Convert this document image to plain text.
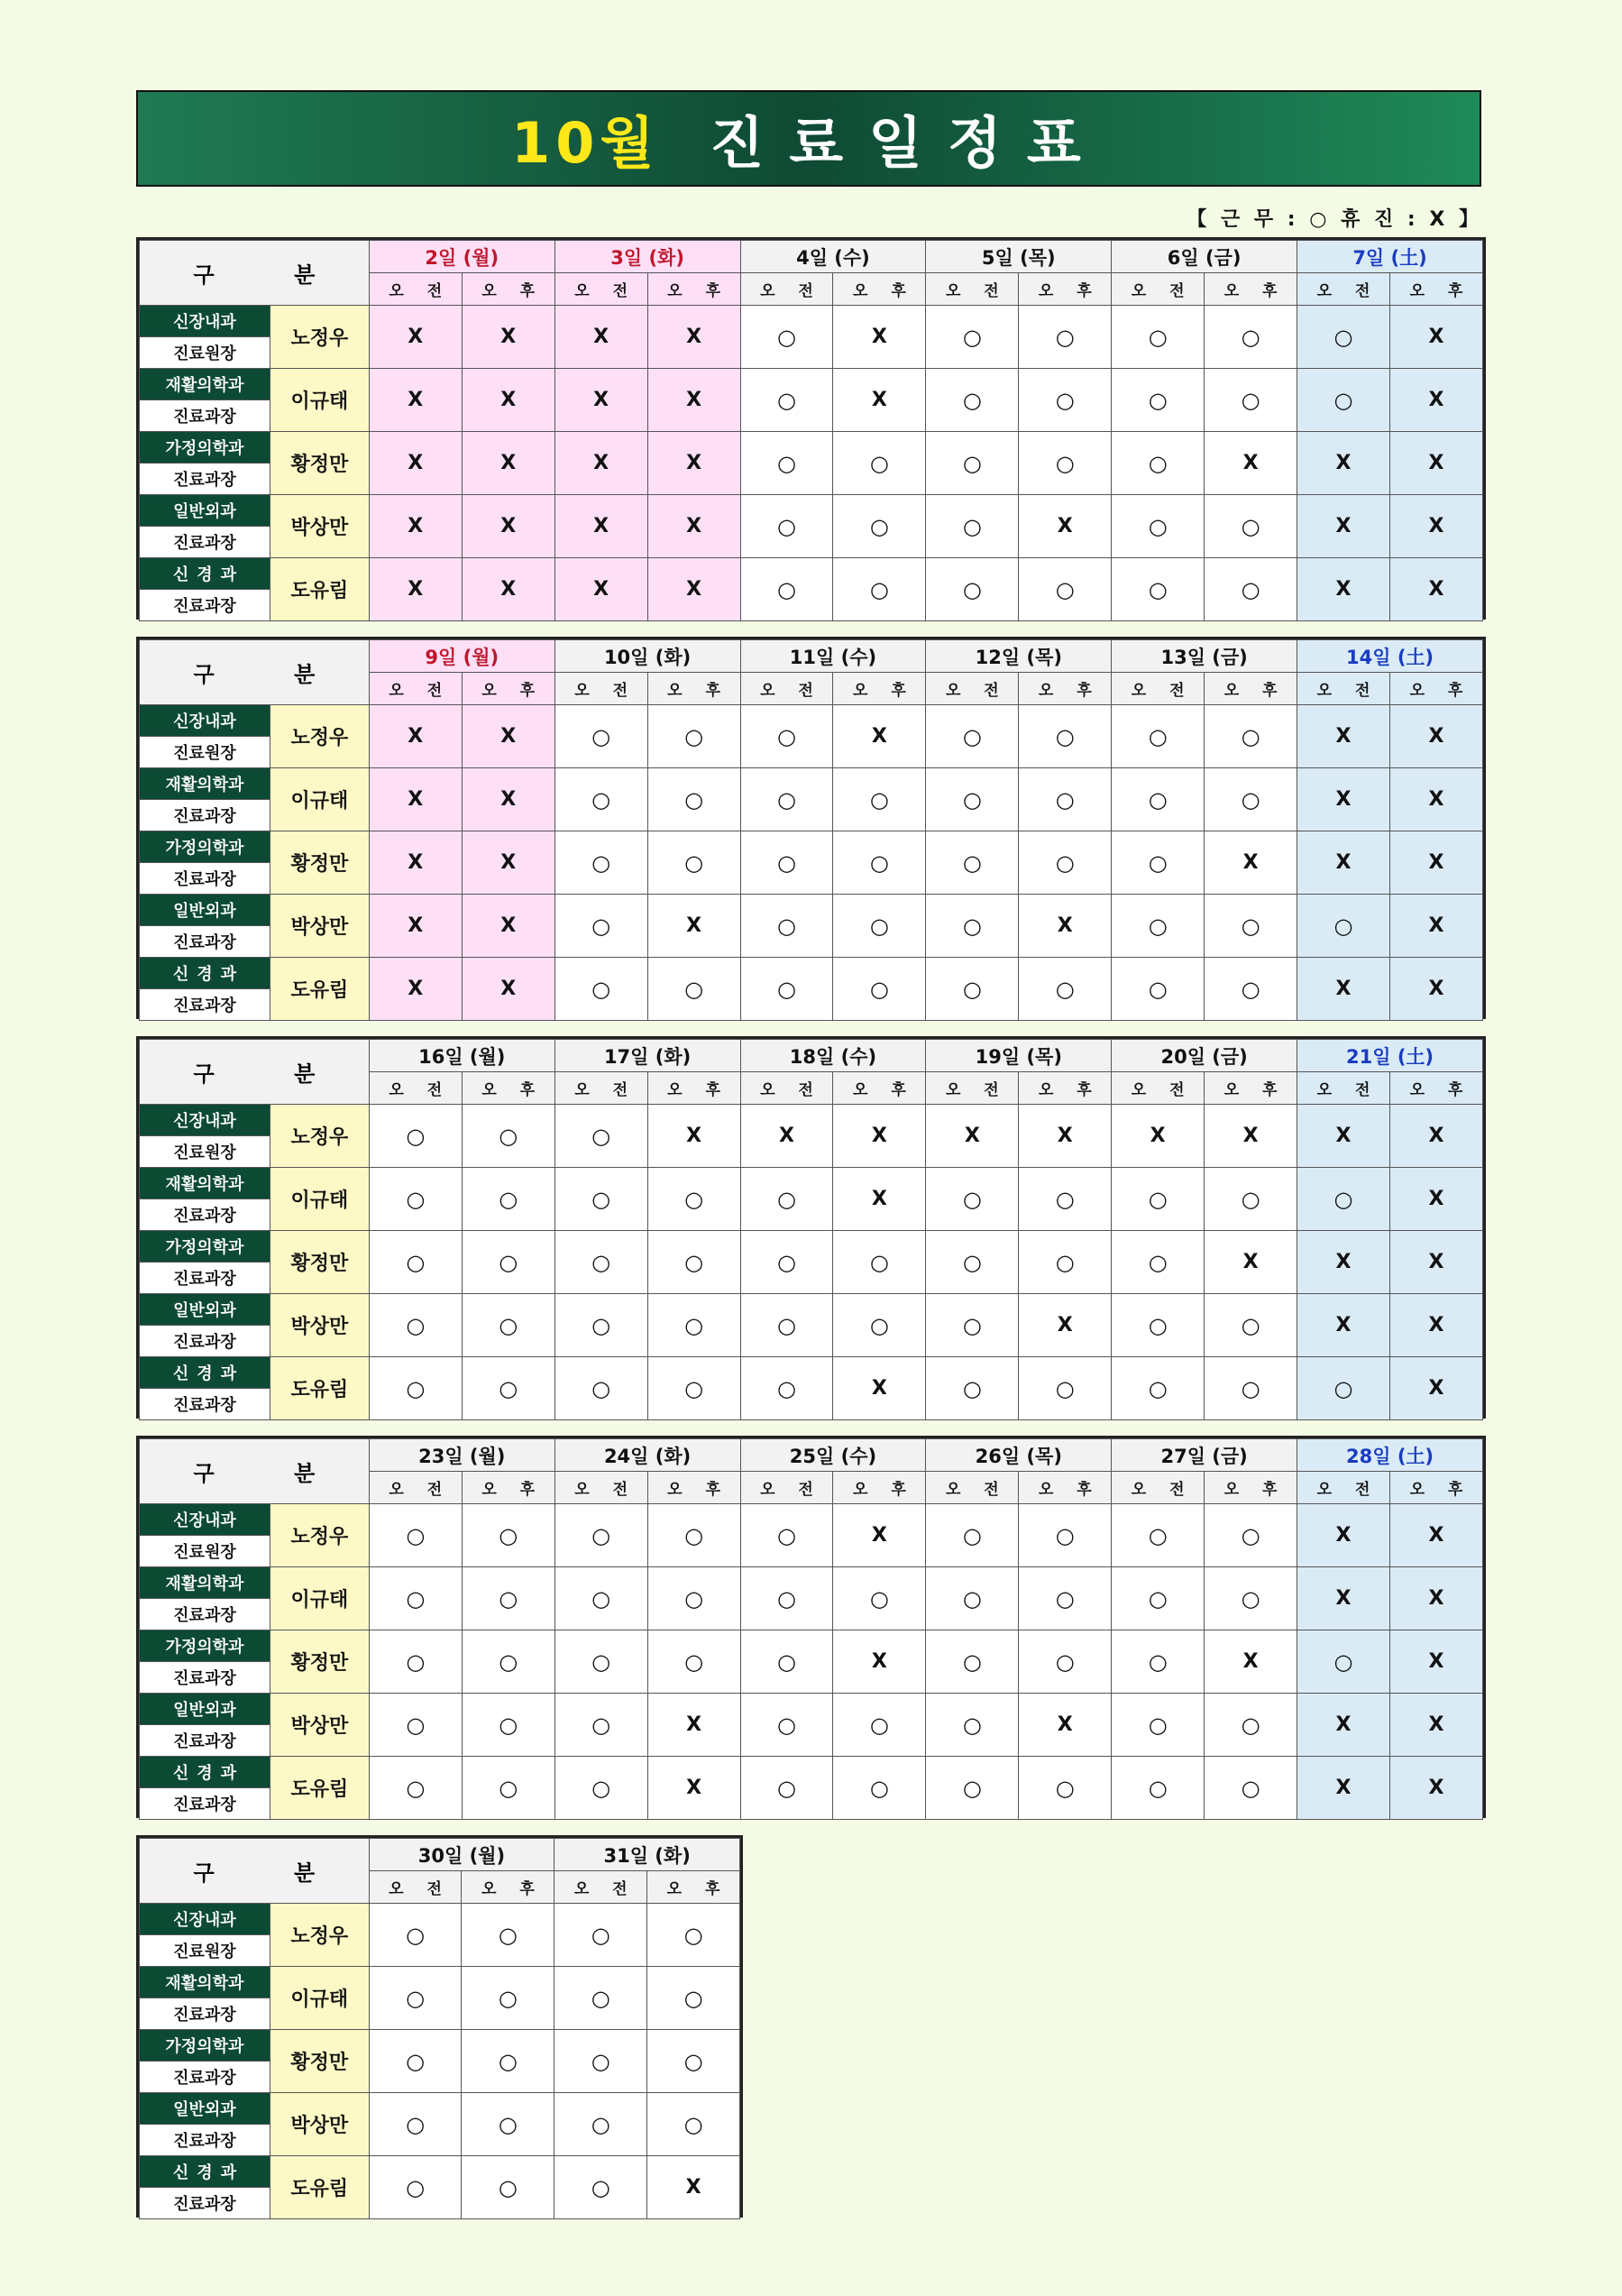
10월 진료일정표
【 근 무 : ○ 휴 진 : X 】
구 분		2일 (월)		3일 (화)		4일 (수)		5일 (목)		6일 (금)		7일 (土)	
		오 전	오 후	오 전	오 후	오 전	오 후	오 전	오 후	오 전	오 후	오 전	오 후
신장내과	노정우	X	X	X	X	○	X	○	○	○	○	○	X
진료원장													
재활의학과	이규태	X	X	X	X	○	X	○	○	○	○	○	X
진료과장													
가정의학과	황정만	X	X	X	X	○	○	○	○	○	X	X	X
진료과장													
일반외과	박상만	X	X	X	X	○	○	○	X	○	○	X	X
진료과장													
신경과	도유림	X	X	X	X	○	○	○	○	○	○	X	X
진료과장													
구 분		9일 (월)		10일 (화)		11일 (수)		12일 (목)		13일 (금)		14일 (土)	
		오 전	오 후	오 전	오 후	오 전	오 후	오 전	오 후	오 전	오 후	오 전	오 후
신장내과	노정우	X	X	○	○	○	X	○	○	○	○	X	X
진료원장													
재활의학과	이규태	X	X	○	○	○	○	○	○	○	○	X	X
진료과장													
가정의학과	황정만	X	X	○	○	○	○	○	○	○	X	X	X
진료과장													
일반외과	박상만	X	X	○	X	○	○	○	X	○	○	○	X
진료과장													
신경과	도유림	X	X	○	○	○	○	○	○	○	○	X	X
진료과장													
구 분		16일 (월)		17일 (화)		18일 (수)		19일 (목)		20일 (금)		21일 (土)	
		오 전	오 후	오 전	오 후	오 전	오 후	오 전	오 후	오 전	오 후	오 전	오 후
신장내과	노정우	○	○	○	X	X	X	X	X	X	X	X	X
진료원장													
재활의학과	이규태	○	○	○	○	○	X	○	○	○	○	○	X
진료과장													
가정의학과	황정만	○	○	○	○	○	○	○	○	○	X	X	X
진료과장													
일반외과	박상만	○	○	○	○	○	○	○	X	○	○	X	X
진료과장													
신경과	도유림	○	○	○	○	○	X	○	○	○	○	○	X
진료과장													
구 분		23일 (월)		24일 (화)		25일 (수)		26일 (목)		27일 (금)		28일 (土)	
		오 전	오 후	오 전	오 후	오 전	오 후	오 전	오 후	오 전	오 후	오 전	오 후
신장내과	노정우	○	○	○	○	○	X	○	○	○	○	X	X
진료원장													
재활의학과	이규태	○	○	○	○	○	○	○	○	○	○	X	X
진료과장													
가정의학과	황정만	○	○	○	○	○	X	○	○	○	X	○	X
진료과장													
일반외과	박상만	○	○	○	X	○	○	○	X	○	○	X	X
진료과장													
신경과	도유림	○	○	○	X	○	○	○	○	○	○	X	X
진료과장													
구 분		30일 (월)		31일 (화)	
		오 전	오 후	오 전	오 후
신장내과	노정우	○	○	○	○
진료원장					
재활의학과	이규태	○	○	○	○
진료과장					
가정의학과	황정만	○	○	○	○
진료과장					
일반외과	박상만	○	○	○	○
진료과장					
신경과	도유림	○	○	○	X
진료과장					
